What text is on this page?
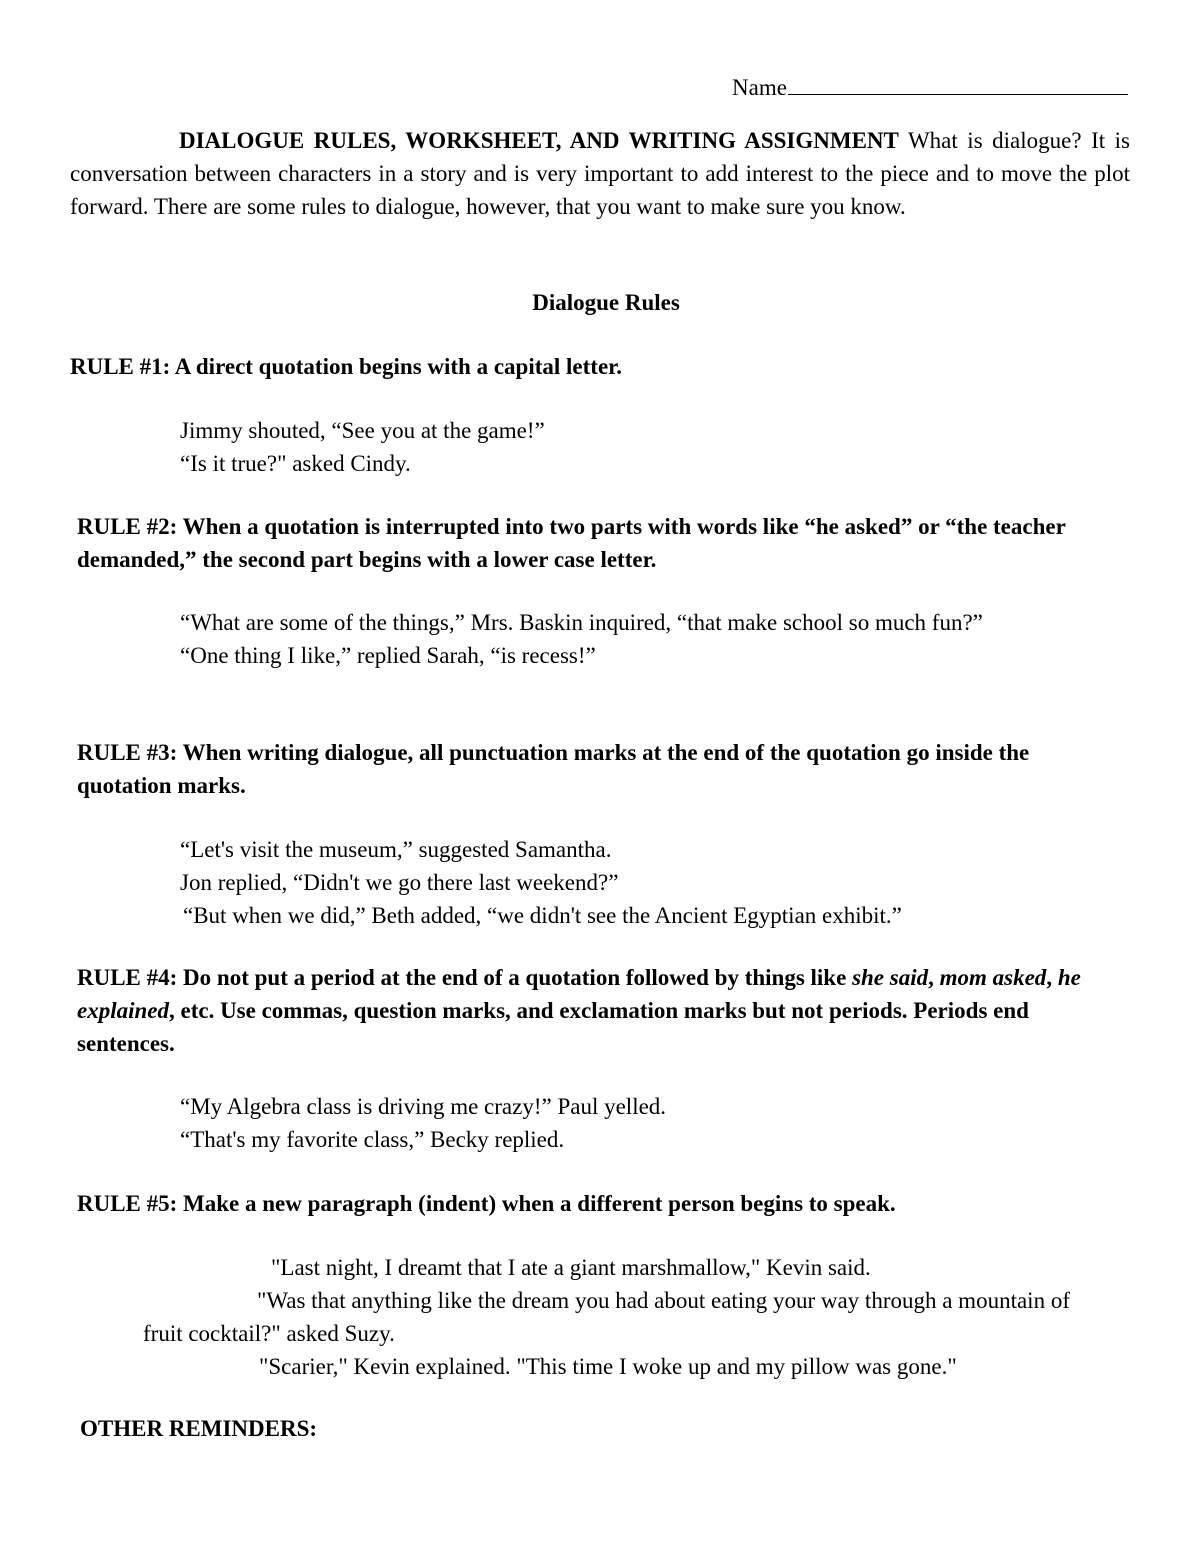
Name
DIALOGUE RULES, WORKSHEET, AND WRITING ASSIGNMENT What is dialogue? It is conversation between characters in a story and is very important to add interest to the piece and to move the plot forward. There are some rules to dialogue, however, that you want to make sure you know.
Dialogue Rules
RULE #1: A direct quotation begins with a capital letter.
Jimmy shouted, “See you at the game!”
“Is it true?" asked Cindy.
RULE #2: When a quotation is interrupted into two parts with words like “he asked” or “the teacher demanded,” the second part begins with a lower case letter.
“What are some of the things,” Mrs. Baskin inquired, “that make school so much fun?”
“One thing I like,” replied Sarah, “is recess!”
RULE #3: When writing dialogue, all punctuation marks at the end of the quotation go inside the quotation marks.
“Let's visit the museum,” suggested Samantha.
Jon replied, “Didn't we go there last weekend?”
“But when we did,” Beth added, “we didn't see the Ancient Egyptian exhibit.”
RULE #4: Do not put a period at the end of a quotation followed by things like she said, mom asked, he explained, etc. Use commas, question marks, and exclamation marks but not periods. Periods end sentences.
“My Algebra class is driving me crazy!” Paul yelled.
“That's my favorite class,” Becky replied.
RULE #5: Make a new paragraph (indent) when a different person begins to speak.
"Last night, I dreamt that I ate a giant marshmallow," Kevin said.
"Was that anything like the dream you had about eating your way through a mountain of fruit cocktail?" asked Suzy.
"Scarier," Kevin explained. "This time I woke up and my pillow was gone."
OTHER REMINDERS:
